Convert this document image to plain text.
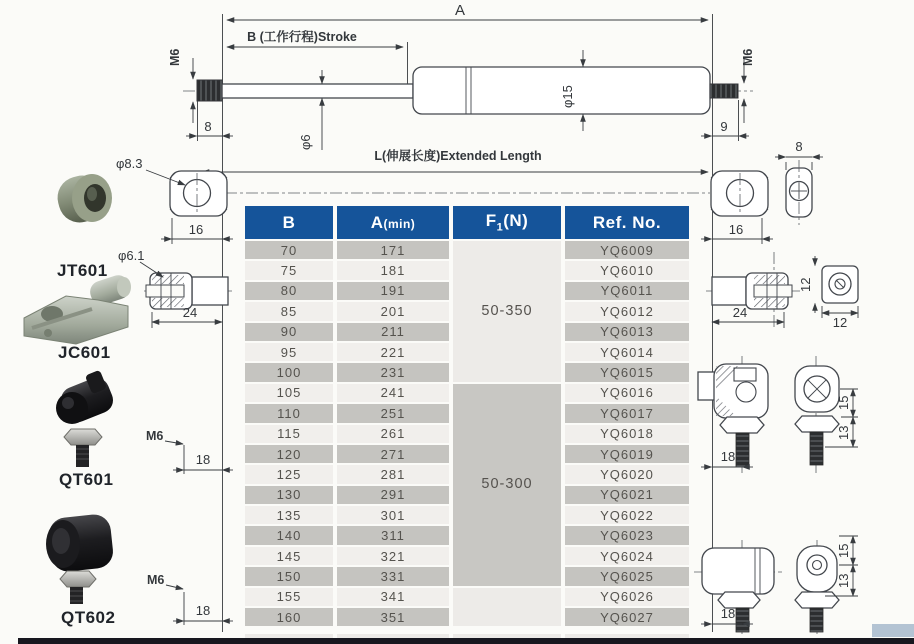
A
B (工作行程)Stroke
M6	M6
8	9
φ6
φ15
L(伸展长度)Extended Length
φ8.3
16	16
8
φ6.1
24	24
12
12
18
15
13
18
15
13
M6
18
M6
18
JT601
JC601
QT601
QT602
B	A(min)	$F_1(N)$	Ref. No.
70	171	50-350	YQ6009
75	181		YQ6010
80	191		YQ6011
85	201		YQ6012
90	211		YQ6013
95	221		YQ6014
100	231		YQ6015
105	241	50-300	YQ6016
110	251		YQ6017
115	261		YQ6018
120	271		YQ6019
125	281		YQ6020
130	291		YQ6021
135	301		YQ6022
140	311		YQ6023
145	321		YQ6024
150	331		YQ6025
155	341		YQ6026
160	351		YQ6027
